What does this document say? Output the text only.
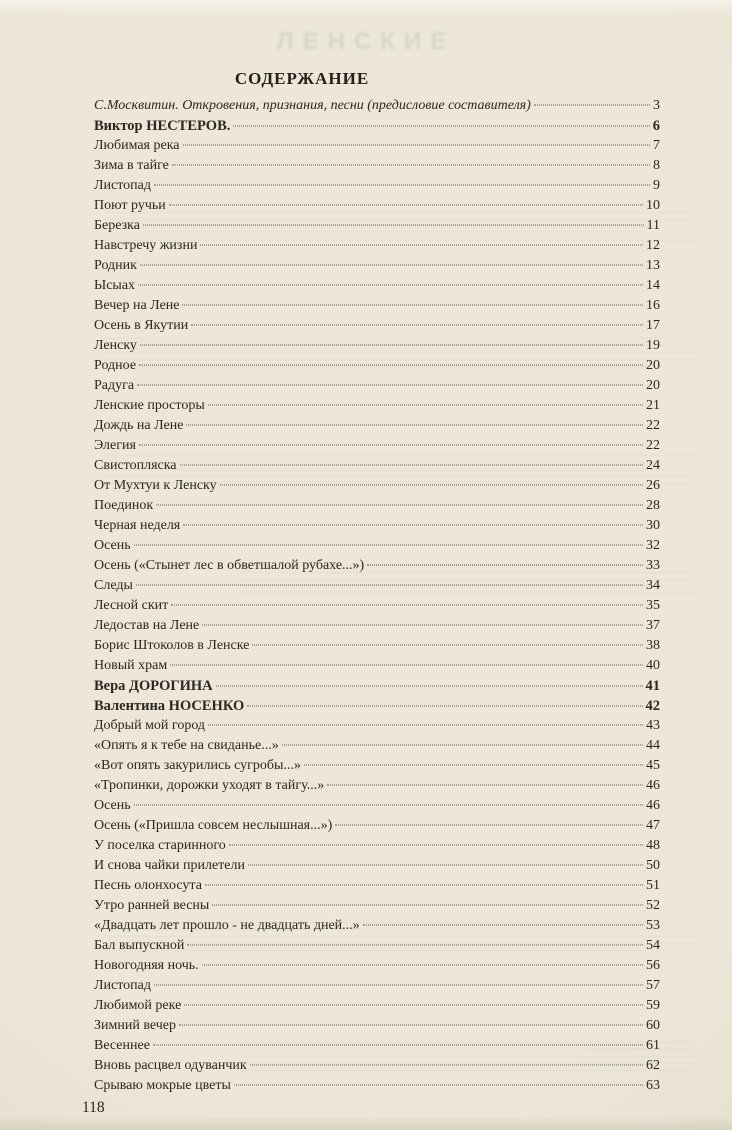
ЛЕНСКИЕ
СОДЕРЖАНИЕ
С.Москвитин. Откровения, признания, песни (предисловие составителя)	3
Виктор НЕСТЕРОВ.	6
Любимая река	7
Зима в тайге	8
Листопад	9
Поют ручьи	10
Березка	11
Навстречу жизни	12
Родник	13
Ысыах	14
Вечер на Лене	16
Осень в Якутии	17
Ленску	19
Родное	20
Радуга	20
Ленские просторы	21
Дождь на Лене	22
Элегия	22
Свистопляска	24
От Мухтуи к Ленску	26
Поединок	28
Черная неделя	30
Осень	32
Осень («Стынет лес в обветшалой рубахе...»)	33
Следы	34
Лесной скит	35
Ледостав на Лене	37
Борис Штоколов в Ленске	38
Новый храм	40
Вера ДОРОГИНА	41
Валентина НОСЕНКО	42
Добрый мой город	43
«Опять я к тебе на свиданье...»	44
«Вот опять закурились сугробы...»	45
«Тропинки, дорожки уходят в тайгу...»	46
Осень	46
Осень («Пришла совсем неслышная...»)	47
У поселка старинного	48
И снова чайки прилетели	50
Песнь олонхосута	51
Утро ранней весны	52
«Двадцать лет прошло - не двадцать дней...»	53
Бал выпускной	54
Новогодняя ночь.	56
Листопад	57
Любимой реке	59
Зимний вечер	60
Весеннее	61
Вновь расцвел одуванчик	62
Срываю мокрые цветы	63
118
